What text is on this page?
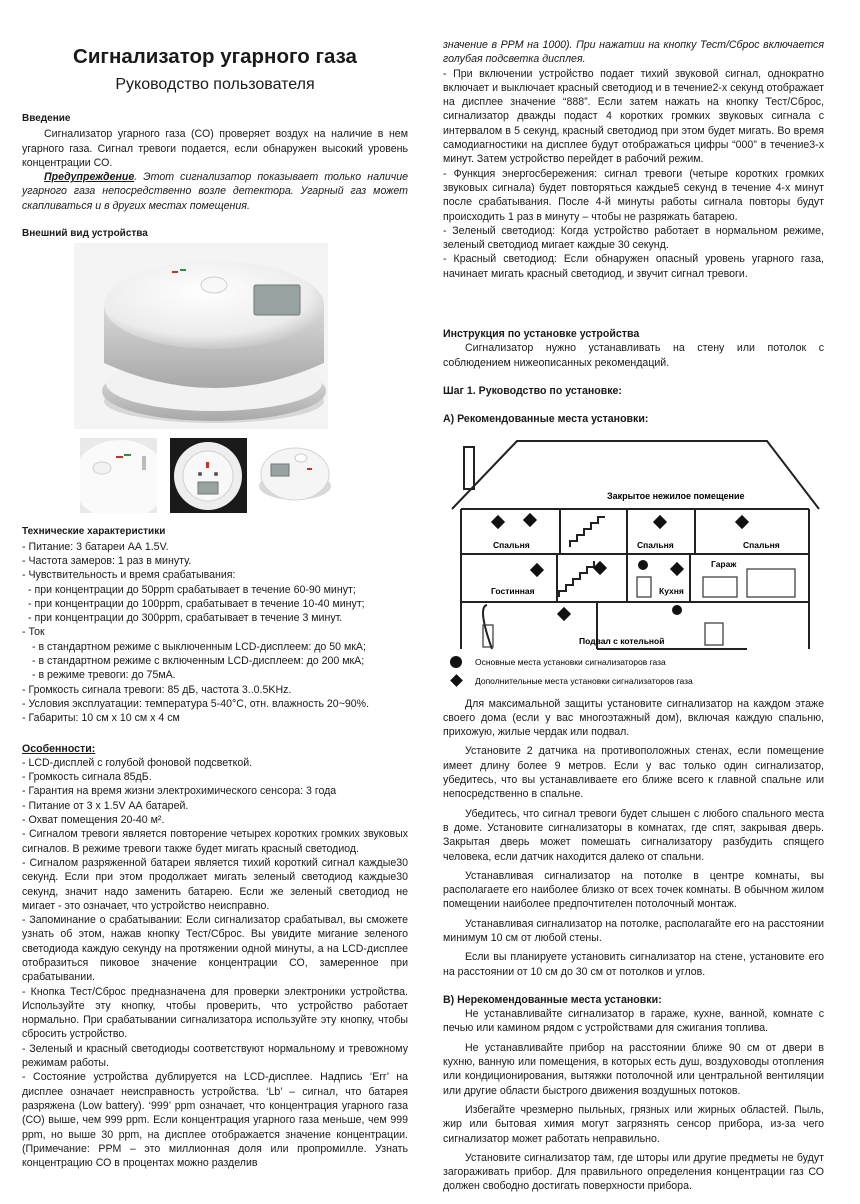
Сигнализатор угарного газа
Руководство пользователя
Введение

Сигнализатор угарного газа (СО) проверяет воздух на наличие в нем угарного газа. Сигнал тревоги подается, если обнаружен высокий уровень концентрации СО.

Предупреждение. Этот сигнализатор показывает только наличие угарного газа непосредственно возле детектора. Угарный газ может скапливаться и в других местах помещения.

Внешний вид устройства
Технические характеристики
- Питание: 3 батареи АА 1.5V.
- Частота замеров: 1 раз в минуту.
- Чувствительность и время срабатывания:
- при концентрации до 50ppm срабатывает в течение 60-90 минут;
- при концентрации до 100ppm, срабатывает в течение 10-40 минут;
- при концентрации до 300ppm, срабатывает в течение 3 минут.
- Ток
- в стандартном режиме с выключенным LCD-дисплеем: до 50 мкА;
- в стандартном режиме с включенным LCD-дисплеем: до 200 мкА;
- в режиме тревоги: до 75мА.
- Громкость сигнала тревоги: 85 дБ, частота 3..0.5KHz.
- Условия эксплуатации: температура 5-40°С, отн. влажность 20~90%.
- Габариты: 10 см х 10 см х 4 см
Особенности:

- LCD-дисплей с голубой фоновой подсветкой.

- Громкость сигнала 85дБ.

- Гарантия на время жизни электрохимического сенсора: 3 года

- Питание от 3 х 1.5V АА батарей.

- Охват помещения 20-40 м².

- Сигналом тревоги является повторение четырех коротких громких звуковых сигналов. В режиме тревоги также будет мигать красный светодиод.

- Сигналом разряженной батареи является тихий короткий сигнал каждые30 секунд. Если при этом продолжает мигать зеленый светодиод каждые30 секунд, значит надо заменить батарею. Если же зеленый светодиод не мигает - это означает, что устройство неисправно.

- Запоминание о срабатывании: Если сигнализатор срабатывал, вы сможете узнать об этом, нажав кнопку Тест/Сброс. Вы увидите мигание зеленого светодиода каждую секунду на протяжении одной минуты, а на LCD-дисплее отобразиться пиковое значение концентрации СО, замеренное при срабатывании.

- Кнопка Тест/Сброс предназначена для проверки электроники устройства. Используйте эту кнопку, чтобы проверить, что устройство работает нормально. При срабатывании сигнализатора используйте эту кнопку, чтобы сбросить устройство.

- Зеленый и красный светодиоды соответствуют нормальному и тревожному режимам работы.

- Состояние устройства дублируется на LCD-дисплее. Надпись ‘Err’ на дисплее означает неисправность устройства. ‘Lb’ – сигнал, что батарея разряжена (Low battery). ‘999’ ppm означает, что концентрация угарного газа (СО) выше, чем 999 ppm. Если концентрация угарного газа меньше, чем 999 ppm, но выше 30 ppm, на дисплее отображается значение концентрации. (Примечание: PPM – это миллионная доля или пропромилле. Узнать концентрацию СО в процентах можно разделив

значение в PPM на 1000). При нажатии на кнопку Тест/Сброс включается голубая подсветка дисплея.

- При включении устройство подает тихий звуковой сигнал, однократно включает и выключает красный светодиод и в течение2-х секунд отображает на дисплее значение “888”. Если затем нажать на кнопку Тест/Сброс, сигнализатор дважды подаст 4 коротких громких звуковых сигнала с интервалом в 5 секунд, красный светодиод при этом будет мигать. Во время самодиагностики на дисплее будут отображаться цифры “000” в течение3-х минут. Затем устройство перейдет в рабочий режим.

- Функция энергосбережения: сигнал тревоги (четыре коротких громких звуковых сигнала) будет повторяться каждые5 секунд в течение 4-х минут после срабатывания. После 4-й минуты работы сигнала повторы будут происходить 1 раз в минуту – чтобы не разряжать батарею.

- Зеленый светодиод: Когда устройство работает в нормальном режиме, зеленый светодиод мигает каждые 30 секунд.

- Красный светодиод: Если обнаружен опасный уровень угарного газа, начинает мигать красный светодиод, и звучит сигнал тревоги.

Инструкция по установке устройства

Сигнализатор нужно устанавливать на стену или потолок с соблюдением нижеописанных рекомендаций.

Шаг 1. Руководство по установке:
А) Рекомендованные места установки:

Для максимальной защиты установите сигнализатор на каждом этаже своего дома (если у вас многоэтажный дом), включая каждую спальню, прихожую, жилые чердак или подвал.

Установите 2 датчика на противоположных стенах, если помещение имеет длину более 9 метров. Если у вас только один сигнализатор, убедитесь, что вы устанавливаете его ближе всего к главной спальне или непосредственно в спальне.

Убедитесь, что сигнал тревоги будет слышен с любого спального места в доме. Установите сигнализаторы в комнатах, где спят, закрывая дверь. Закрытая дверь может помешать сигнализатору разбудить спящего человека, если датчик находится далеко от спальни.

Устанавливая сигнализатор на потолке в центре комнаты, вы располагаете его наиболее близко от всех точек комнаты. В обычном жилом помещении наиболее предпочтителен потолочный монтаж.

Устанавливая сигнализатор на потолке, располагайте его на расстоянии минимум 10 см от любой стены.

Если вы планируете установить сигнализатор на стене, установите его на расстоянии от 10 см до 30 см от потолков и углов.

В) Нерекомендованные места установки:

Не устанавливайте сигнализатор в гараже, кухне, ванной, комнате с печью или камином рядом с устройствами для сжигания топлива.

Не устанавливайте прибор на расстоянии ближе 90 см от двери в кухню, ванную или помещения, в которых есть душ, воздуховоды отопления или кондиционирования, вытяжки потолочной или центральной вентиляции или другие области быстрого движения воздушных потоков.

Избегайте чрезмерно пыльных, грязных или жирных областей. Пыль, жир или бытовая химия могут загрязнять сенсор прибора, из-за чего сигнализатор может работать неправильно.

Установите сигнализатор там, где шторы или другие предметы не будут загораживать прибор. Для правильного определения концентрации газ СО должен свободно достигать поверхности прибора.

Закрытое нежилое помещение
Спальня	Спальня	Спальня
Гараж
Гостинная	Кухня
Подвал с котельной
Основные места установки сигнализаторов газа
Дополнительные места установки сигнализаторов газа
